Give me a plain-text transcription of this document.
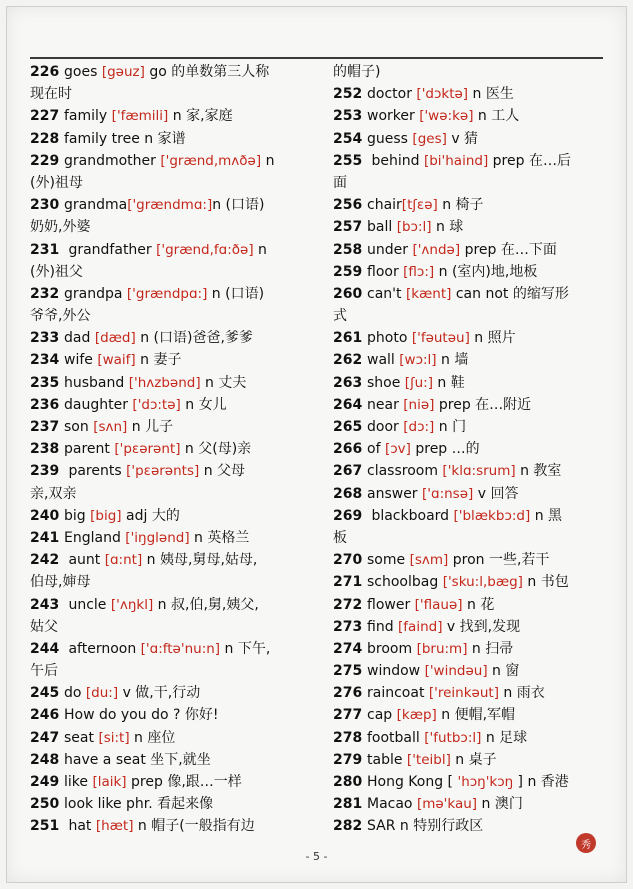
226 goes [gəuz] go 的单数第三人称
现在时
227 family ['fæmili] n 家,家庭
228 family tree n 家谱
229 grandmother ['grænd,mʌðə] n
(外)祖母
230 grandma['grændmɑ:]n (口语)
奶奶,外婆
231 grandfather ['grænd,fɑ:ðə] n
(外)祖父
232 grandpa ['grændpɑ:] n (口语)
爷爷,外公
233 dad [dæd] n (口语)爸爸,爹爹
234 wife [waif] n 妻子
235 husband ['hʌzbənd] n 丈夫
236 daughter ['dɔ:tə] n 女儿
237 son [sʌn] n 儿子
238 parent ['pɛərənt] n 父(母)亲
239 parents ['pɛərənts] n 父母
亲,双亲
240 big [big] adj 大的
241 England ['iŋglənd] n 英格兰
242 aunt [ɑ:nt] n 姨母,舅母,姑母,
伯母,婶母
243 uncle ['ʌŋkl] n 叔,伯,舅,姨父,
姑父
244 afternoon ['ɑ:ftə'nu:n] n 下午,
午后
245 do [du:] v 做,干,行动
246 How do you do ? 你好!
247 seat [si:t] n 座位
248 have a seat 坐下,就坐
249 like [laik] prep 像,跟…一样
250 look like phr. 看起来像
251 hat [hæt] n 帽子(一般指有边
的帽子)
252 doctor ['dɔktə] n 医生
253 worker ['wə:kə] n 工人
254 guess [ges] v 猜
255 behind [bi'haind] prep 在…后
面
256 chair[tʃɛə] n 椅子
257 ball [bɔ:l] n 球
258 under ['ʌndə] prep 在…下面
259 floor [flɔ:] n (室内)地,地板
260 can't [kænt] can not 的缩写形
式
261 photo ['fəutəu] n 照片
262 wall [wɔ:l] n 墙
263 shoe [ʃu:] n 鞋
264 near [niə] prep 在…附近
265 door [dɔ:] n 门
266 of [ɔv] prep …的
267 classroom ['klɑ:srum] n 教室
268 answer ['ɑ:nsə] v 回答
269 blackboard ['blækbɔ:d] n 黑
板
270 some [sʌm] pron 一些,若干
271 schoolbag ['sku:l,bæg] n 书包
272 flower ['flauə] n 花
273 find [faind] v 找到,发现
274 broom [bru:m] n 扫帚
275 window ['windəu] n 窗
276 raincoat ['reinkəut] n 雨衣
277 cap [kæp] n 便帽,军帽
278 football ['futbɔ:l] n 足球
279 table ['teibl] n 桌子
280 Hong Kong [ 'hɔŋ'kɔŋ ] n 香港
281 Macao [mə'kau] n 澳门
282 SAR n 特别行政区
- 5 -
秀
